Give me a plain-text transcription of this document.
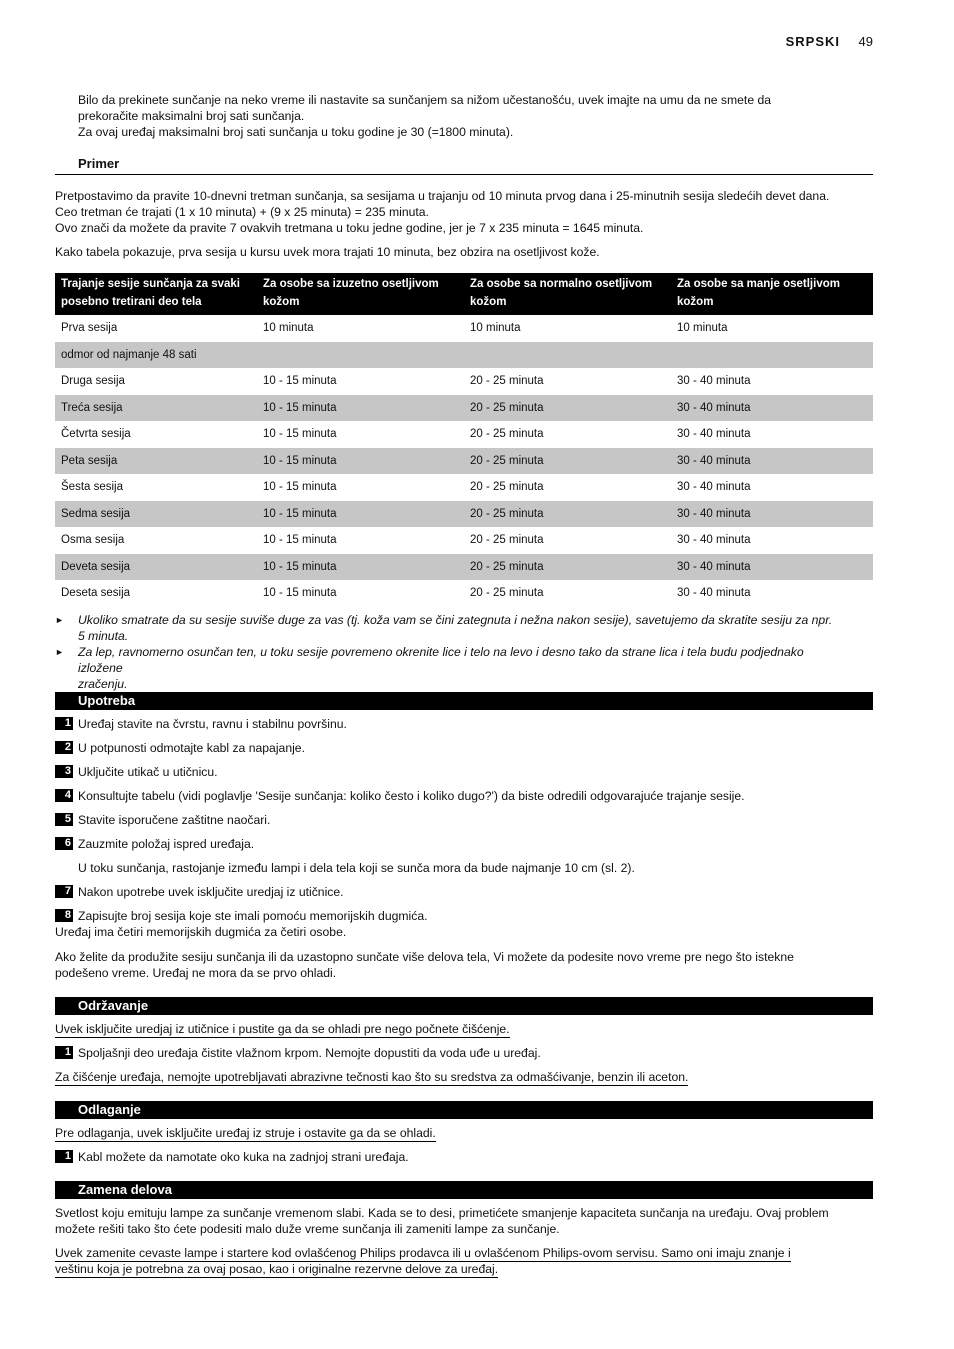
SRPSKI 49
Bilo da prekinete sunčanje na neko vreme ili nastavite sa sunčanjem sa nižom učestanošću, uvek imajte na umu da ne smete da
prekoračite maksimalni broj sati sunčanja.
Za ovaj uređaj maksimalni broj sati sunčanja u toku godine je 30 (=1800 minuta).
Primer
Pretpostavimo da pravite 10-dnevni tretman sunčanja, sa sesijama u trajanju od 10 minuta prvog dana i 25-minutnih sesija sledećih devet dana.
Ceo tretman će trajati (1 x 10 minuta) + (9 x 25 minuta) = 235 minuta.
Ovo znači da možete da pravite 7 ovakvih tretmana u toku jedne godine, jer je 7 x 235 minuta = 1645 minuta.
Kako tabela pokazuje, prva sesija u kursu uvek mora trajati 10 minuta, bez obzira na osetljivost kože.
Trajanje sesije sunčanja za svaki posebno tretirani deo tela	Za osobe sa izuzetno osetljivom kožom	Za osobe sa normalno osetljivom kožom	Za osobe sa manje osetljivom kožom
Prva sesija	10 minuta	10 minuta	10 minuta
odmor od najmanje 48 sati			
Druga sesija	10 - 15 minuta	20 - 25 minuta	30 - 40 minuta
Treća sesija	10 - 15 minuta	20 - 25 minuta	30 - 40 minuta
Četvrta sesija	10 - 15 minuta	20 - 25 minuta	30 - 40 minuta
Peta sesija	10 - 15 minuta	20 - 25 minuta	30 - 40 minuta
Šesta sesija	10 - 15 minuta	20 - 25 minuta	30 - 40 minuta
Sedma sesija	10 - 15 minuta	20 - 25 minuta	30 - 40 minuta
Osma sesija	10 - 15 minuta	20 - 25 minuta	30 - 40 minuta
Deveta sesija	10 - 15 minuta	20 - 25 minuta	30 - 40 minuta
Deseta sesija	10 - 15 minuta	20 - 25 minuta	30 - 40 minuta
► Ukoliko smatrate da su sesije suviše duge za vas (tj. koža vam se čini zategnuta i nežna nakon sesije), savetujemo da skratite sesiju za npr.
5 minuta.
► Za lep, ravnomerno osunčan ten, u toku sesije povremeno okrenite lice i telo na levo i desno tako da strane lica i tela budu podjednako izložene
zračenju.
Upotreba
1 Uređaj stavite na čvrstu, ravnu i stabilnu površinu.
2 U potpunosti odmotajte kabl za napajanje.
3 Uključite utikač u utičnicu.
4 Konsultujte tabelu (vidi poglavlje 'Sesije sunčanja: koliko često i koliko dugo?') da biste odredili odgovarajuće trajanje sesije.
5 Stavite isporučene zaštitne naočari.
6 Zauzmite položaj ispred uređaja.
U toku sunčanja, rastojanje između lampi i dela tela koji se sunča mora da bude najmanje 10 cm (sl. 2).
7 Nakon upotrebe uvek isključite uredjaj iz utičnice.
8 Zapisujte broj sesija koje ste imali pomoću memorijskih dugmića.
Uređaj ima četiri memorijskih dugmića za četiri osobe.
Ako želite da produžite sesiju sunčanja ili da uzastopno sunčate više delova tela, Vi možete da podesite novo vreme pre nego što istekne
podešeno vreme. Uređaj ne mora da se prvo ohladi.
Održavanje
Uvek isključite uredjaj iz utičnice i pustite ga da se ohladi pre nego počnete čišćenje.
1 Spoljašnji deo uređaja čistite vlažnom krpom. Nemojte dopustiti da voda uđe u uređaj.
Za čišćenje uređaja, nemojte upotrebljavati abrazivne tečnosti kao što su sredstva za odmašćivanje, benzin ili aceton.
Odlaganje
Pre odlaganja, uvek isključite uređaj iz struje i ostavite ga da se ohladi.
1 Kabl možete da namotate oko kuka na zadnjoj strani uređaja.
Zamena delova
Svetlost koju emituju lampe za sunčanje vremenom slabi. Kada se to desi, primetićete smanjenje kapaciteta sunčanja na uređaju. Ovaj problem
možete rešiti tako što ćete podesiti malo duže vreme sunčanja ili zameniti lampe za sunčanje.
Uvek zamenite cevaste lampe i startere kod ovlašćenog Philips prodavca ili u ovlašćenom Philips-ovom servisu. Samo oni imaju znanje i
veštinu koja je potrebna za ovaj posao, kao i originalne rezervne delove za uređaj.
